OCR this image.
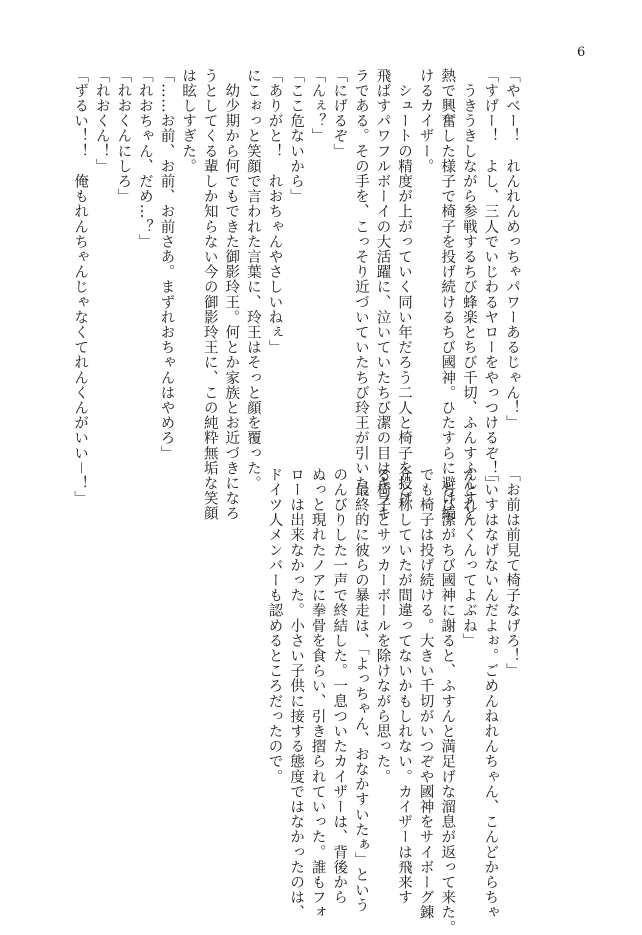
6
「やべー！　れんれんめっちゃパワーあるじゃん！」
「すげー！　よし、三人でいじわるヤローをやっつけるぞ！」
　うきうきしながら参戦するちび蜂楽とちび千切、ふんすふんすと
熱で興奮した様子で椅子を投げ続けるちび國神。ひたすらに避け続
けるカイザー。
　シュートの精度が上がっていく同い年だろう二人と椅子を投げ
飛ばすパワフルボーイの大活躍に、泣いていたちび潔の目はキラキ
ラである。その手を、こっそり近づいていたちび玲王が引いた。
「にげるぞ」
「んぇ？」
「ここ危ないから」
「ありがと！　れおちゃんやさしいねぇ」
にこぉっと笑顔で言われた言葉に、玲王はそっと顔を覆った。
　幼少期から何でもできた御影玲王。何とか家族とお近づきになろ
うとしてくる輩しか知らない今の御影玲王に、この純粋無垢な笑顔
は眩しすぎた。
「……お前、お前、お前さあ。まずれおちゃんはやめろ」
「れおちゃん、だめ…？」
「れおくんにしろ」
「れおくん！」
「ずるい！！　俺もれんちゃんじゃなくてれんくんがいい－！」
「お前は前見て椅子なげろ！」
「いすはなげないんだよぉ。ごめんねれんちゃん、こんどからちゃ
んとれんくんってよぶね」
　ちび潔がちび國神に謝ると、ふすんと満足げな溜息が返って来た。
でも椅子は投げ続ける。大きい千切がいつぞや國神をサイボーグ錬
介と称していたが間違ってないかもしれない。カイザーは飛来す
る椅子とサッカーボールを除けながら思った。
　最終的に彼らの暴走は、「よっちゃん、おなかすいたぁ」という
のんびりした一声で終結した。一息ついたカイザーは、背後から
ぬっと現れたノアに拳骨を食らい、引き摺られていった。誰もフォ
ローは出来なかった。小さい子供に接する態度ではなかったのは、
ドイツ人メンバーも認めるところだったので。
